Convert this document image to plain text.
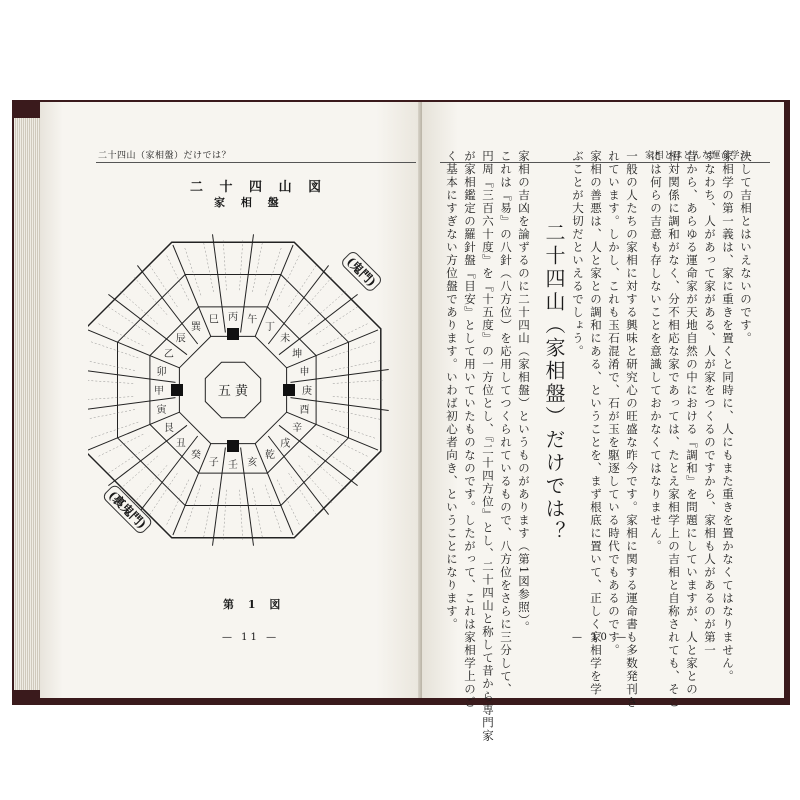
二十四山（家相盤）だけでは？
二 十 四 山 図
家 相 盤
丙 午
丁
未
坤
申
庚
酉
辛
戌
乾
亥
壬
子
癸
丑
艮
寅
甲
卯
乙
辰
巽
巳
五 黄
(鬼門)
(裏鬼門)
第 1 図
— 11 —
家相とはどんな運命学か
決して吉相とはいえないのです。
家相学の第一義は、家に重きを置くと同時に、人にもまた重きを置かなくてはなりません。
すなわち、人があって家がある、人が家をつくるのですから、家相も人があるのが第一
昔から、あらゆる運命家が天地自然の中における『調和』を問題にしていますが、人と家との
相対関係に調和がなく、分不相応な家であっては、たとえ家相学上の吉相と自称されても、そこ
には何らの吉意も存しないことを意識しておかなくてはなりません。
一般の人たちの家相に対する興味と研究心の旺盛な昨今です。家相に関する運命書も多数発刊さ
れています。しかし、これも玉石混淆で、石が玉を駆逐している時代でもあるのです。
家相の善悪は、人と家との調和にある、ということを、まず根底に置いて、正しく家相学を学
ぶことが大切だといえるでしょう。
二十四山（家相盤）だけでは？
家相の吉凶を論ずるのに二十四山（家相盤）というものがあります（第1図参照）。
これは『易』の八針（八方位）を応用してつくられているもので、八方位をさらに三分して、
円周『三百六十度』を『十五度』の一方位とし、『二十四方位』とし、二十四山と称して昔から専門家
が家相鑑定の羅針盤『目安』として用いていたものなのです。したがって、これは家相学上のご
く基本にすぎない方位盤であります。いわば初心者向き、ということになります。
— 10 —
